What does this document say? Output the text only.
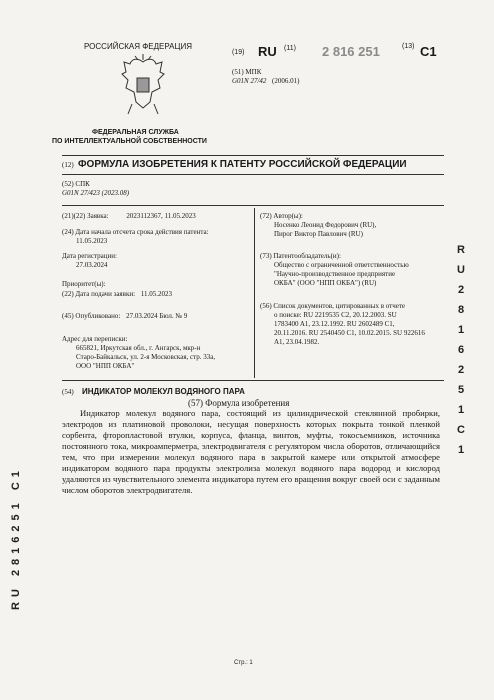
РОССИЙСКАЯ ФЕДЕРАЦИЯ
ФЕДЕРАЛЬНАЯ СЛУЖБА
ПО ИНТЕЛЛЕКТУАЛЬНОЙ СОБСТВЕННОСТИ
(19) RU (11) 2 816 251	(13) C1
(51) МПК
G01N 27/42 (2006.01)
(12) ФОРМУЛА ИЗОБРЕТЕНИЯ К ПАТЕНТУ РОССИЙСКОЙ ФЕДЕРАЦИИ
(52) СПК
G01N 27/423 (2023.08)
(21)(22) Заявка:	2023112367, 11.05.2023
(24) Дата начала отсчета срока действия патента:
11.05.2023
Дата регистрации:
27.03.2024
Приоритет(ы):
(22) Дата подачи заявки: 11.05.2023
(45) Опубликовано: 27.03.2024 Бюл. № 9
Адрес для переписки:
665821, Иркутская обл., г. Ангарск, мкр-н
Старо-Байкальск, ул. 2-я Московская, стр. 33а,
ООО "НПП ОКБА"
(72) Автор(ы):
Носенко Леонид Федорович (RU),
Пирог Виктор Павлович (RU)
(73) Патентообладатель(и):
Общество с ограниченной ответственностью
"Научно-производственное предприятие
ОКБА" (ООО "НПП ОКБА") (RU)
(56) Список документов, цитированных в отчете
о поиске: RU 2219535 C2, 20.12.2003. SU
1783400 A1, 23.12.1992. RU 2602489 C1,
20.11.2016. RU 2540450 C1, 10.02.2015. SU 922616
A1, 23.04.1982.
(54) ИНДИКАТОР МОЛЕКУЛ ВОДЯНОГО ПАРА
(57) Формула изобретения
Индикатор молекул водяного пара, состоящий из цилиндрической стеклянной пробирки, электродов из платиновой проволоки, несущая поверхность которых покрыта тонкой пленкой сорбента, фторопластовой втулки, корпуса, фланца, винтов, муфты, токосъемников, источника постоянного тока, микроамперметра, электродвигателя с регулятором числа оборотов, отличающийся тем, что при измерении молекул водяного пара в закрытой камере или открытой атмосфере индикатором водяного пара продукты электролиза молекул водяного пара водород и кислород удаляются из чувствительного элемента индикатора путем его вращения вокруг своей оси с заданным числом оборотов электродвигателя.
R
U
2
8
1
6
2
5
1
C
1
RU 2816251 C1
Стр.: 1
